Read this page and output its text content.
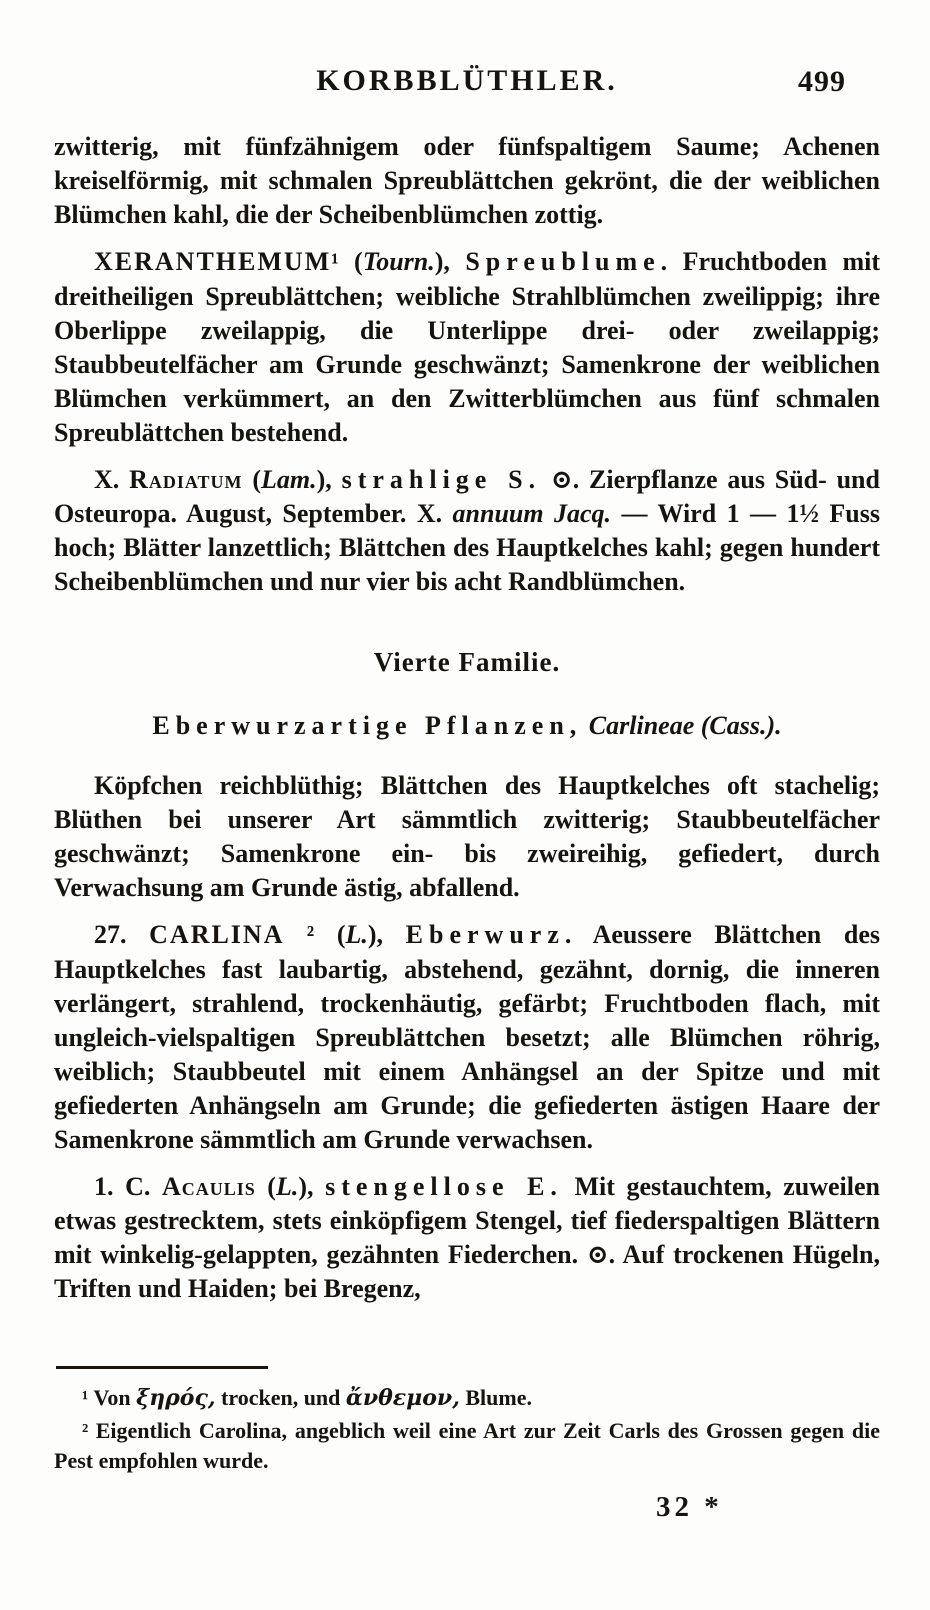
KORBBLÜTHLER.	499

zwitterig, mit fünfzähnigem oder fünfspaltigem Saume; Achenen kreiselförmig, mit schmalen Spreublättchen gekrönt, die der weiblichen Blümchen kahl, die der Scheibenblümchen zottig.

XERANTHEMUM¹ (Tourn.), Spreublume. Fruchtboden mit dreitheiligen Spreublättchen; weibliche Strahlblümchen zweilippig; ihre Oberlippe zweilappig, die Unterlippe drei- oder zweilappig; Staubbeutelfächer am Grunde geschwänzt; Samenkrone der weiblichen Blümchen verkümmert, an den Zwitterblümchen aus fünf schmalen Spreublättchen bestehend.

X. Radiatum (Lam.), strahlige S. ⊙. Zierpflanze aus Süd- und Osteuropa. August, September. X. annuum Jacq. — Wird 1 — 1½ Fuss hoch; Blätter lanzettlich; Blättchen des Hauptkelches kahl; gegen hundert Scheibenblümchen und nur vier bis acht Randblümchen.

Vierte Familie.
Eberwurzartige Pflanzen, Carlineae (Cass.).

Köpfchen reichblüthig; Blättchen des Hauptkelches oft stachelig; Blüthen bei unserer Art sämmtlich zwitterig; Staubbeutelfächer geschwänzt; Samenkrone ein- bis zweireihig, gefiedert, durch Verwachsung am Grunde ästig, abfallend.

27. CARLINA ² (L.), Eberwurz. Aeussere Blättchen des Hauptkelches fast laubartig, abstehend, gezähnt, dornig, die inneren verlängert, strahlend, trockenhäutig, gefärbt; Fruchtboden flach, mit ungleich-vielspaltigen Spreublättchen besetzt; alle Blümchen röhrig, weiblich; Staubbeutel mit einem Anhängsel an der Spitze und mit gefiederten Anhängseln am Grunde; die gefiederten ästigen Haare der Samenkrone sämmtlich am Grunde verwachsen.

1. C. Acaulis (L.), stengellose E. Mit gestauchtem, zuweilen etwas gestrecktem, stets einköpfigem Stengel, tief fiederspaltigen Blättern mit winkelig-gelappten, gezähnten Fiederchen. ⊙. Auf trockenen Hügeln, Triften und Haiden; bei Bregenz,

¹ Von ξηρός, trocken, und ἄνθεμον, Blume.

² Eigentlich Carolina, angeblich weil eine Art zur Zeit Carls des Grossen gegen die Pest empfohlen wurde.

32 *
